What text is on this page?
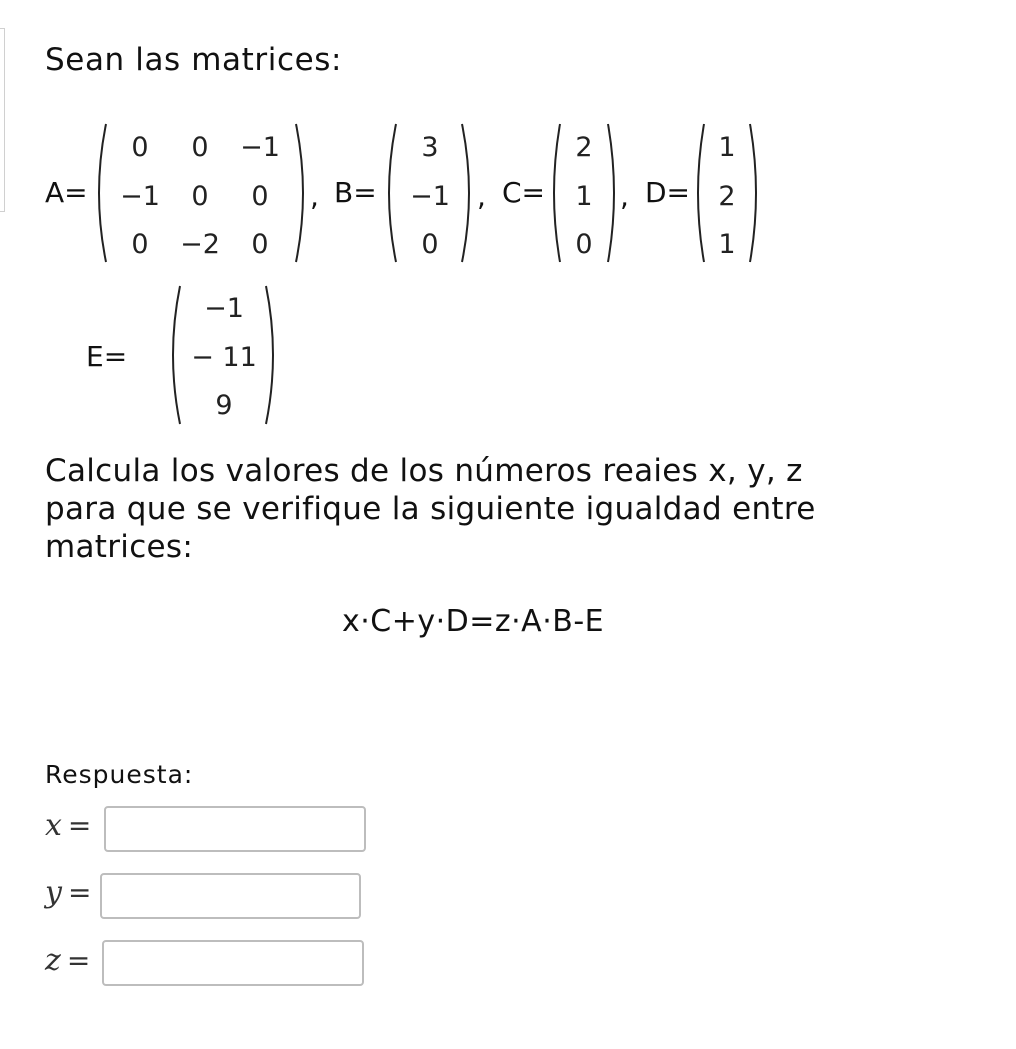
Sean las matrices:
A=
0 0 −1
−1 0 0
0 −2 0
, B=
3
−1
0
, C=
2
1
0
, D=
1
2
1
E=
−1
− 11
9
Calcula los valores de los números reaies x, y, z
para que se verifique la siguiente igualdad entre
matrices:
x·C+y·D=z·A·B-E
Respuesta:
x =
y =
z =
